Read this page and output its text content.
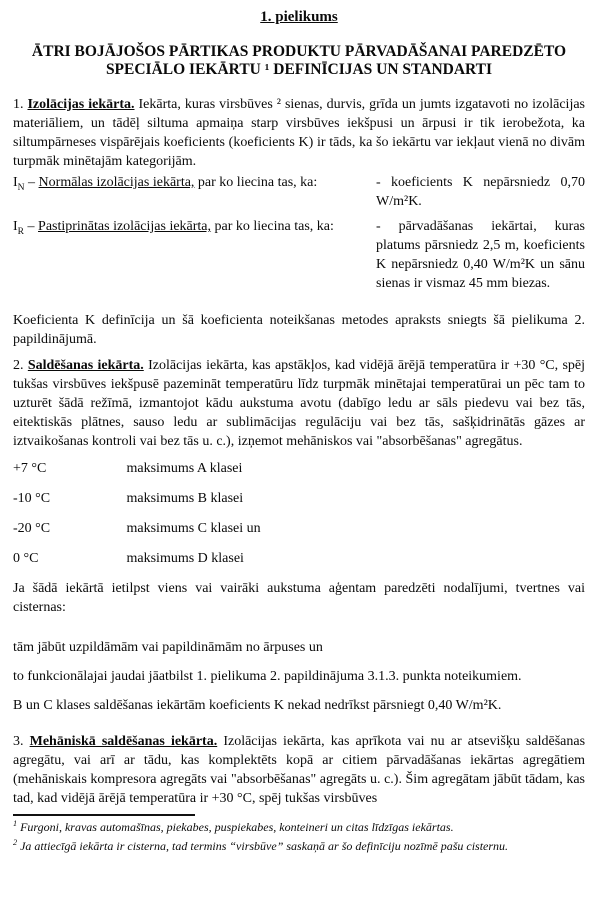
1. pielikums
ĀTRI BOJĀJOŠOS PĀRTIKAS PRODUKTU PĀRVADĀŠANAI PAREDZĒTO
SPECIĀLO IEKĀRTU ¹ DEFINĪCIJAS UN STANDARTI

1. Izolācijas iekārta. Iekārta, kuras virsbūves ² sienas, durvis, grīda un jumts izgatavoti no izolācijas materiāliem, un tādēļ siltuma apmaiņa starp virsbūves iekšpusi un ārpusi ir tik ierobežota, ka siltumpārneses vispārējais koeficients (koeficients K) ir tāds, ka šo iekārtu var iekļaut vienā no divām turpmāk minētajām kategorijām.

$I_N$ – Normālas izolācijas iekārta, par ko liecina tas, ka:	- koeficients K nepārsniedz 0,70 W/m²K.
$I_R$ – Pastiprinātas izolācijas iekārta, par ko liecina tas, ka:	- pārvadāšanas iekārtai, kuras platums pārsniedz 2,5 m, koeficients K nepārsniedz 0,40 W/m²K un sānu sienas ir vismaz 45 mm biezas.

Koeficienta K definīcija un šā koeficienta noteikšanas metodes apraksts sniegts šā pielikuma 2. papildinājumā.

2. Saldēšanas iekārta. Izolācijas iekārta, kas apstākļos, kad vidējā ārējā temperatūra ir +30 °C, spēj tukšas virsbūves iekšpusē pazemināt temperatūru līdz turpmāk minētajai temperatūrai un pēc tam to uzturēt šādā režīmā, izmantojot kādu aukstuma avotu (dabīgo ledu ar sāls piedevu vai bez tās, eitektiskās plātnes, sauso ledu ar sublimācijas regulāciju vai bez tās, sašķidrinātās gāzes ar iztvaikošanas kontroli vai bez tās u. c.), izņemot mehāniskos vai "absorbēšanas" agregātus.

+7 °C	maksimums A klasei
-10 °C	maksimums B klasei
-20 °C	maksimums C klasei un
0 °C	maksimums D klasei

Ja šādā iekārtā ietilpst viens vai vairāki aukstuma aģentam paredzēti nodalījumi, tvertnes vai cisternas:

tām jābūt uzpildāmām vai papildināmām no ārpuses un

to funkcionālajai jaudai jāatbilst 1. pielikuma 2. papildinājuma 3.1.3. punkta noteikumiem.

B un C klases saldēšanas iekārtām koeficients K nekad nedrīkst pārsniegt 0,40 W/m²K.

3. Mehāniskā saldēšanas iekārta. Izolācijas iekārta, kas aprīkota vai nu ar atsevišķu saldēšanas agregātu, vai arī ar tādu, kas komplektēts kopā ar citiem pārvadāšanas iekārtas agregātiem (mehāniskais kompresora agregāts vai "absorbēšanas" agregāts u. c.). Šim agregātam jābūt tādam, kas tad, kad vidējā ārējā temperatūra ir +30 °C, spēj tukšas virsbūves

$^1$ Furgoni, kravas automašīnas, piekabes, puspiekabes, konteineri un citas līdzīgas iekārtas.

$^2$ Ja attiecīgā iekārta ir cisterna, tad termins “virsbūve” saskaņā ar šo definīciju nozīmē pašu cisternu.
